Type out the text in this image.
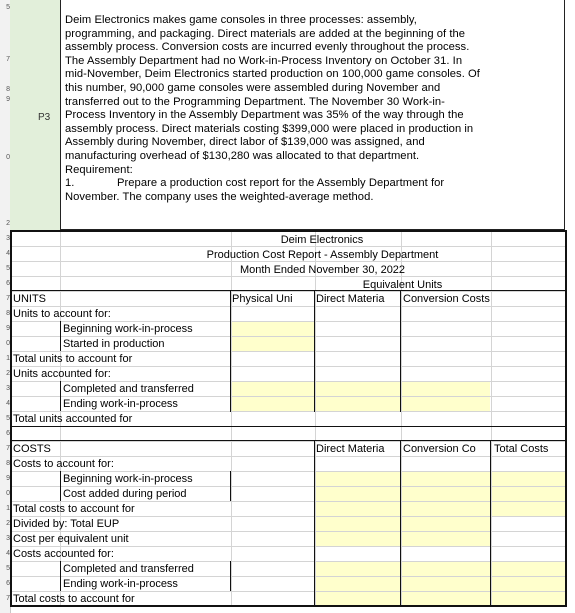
5
7
8
9
0
2
3
4
5
6
7
8
9
0
1
2
3
4
5
6
7
8
9
0
1
2
3
4
5
6
7
P3
Deim Electronics makes game consoles in three processes: assembly,
programming, and packaging. Direct materials are added at the beginning of the
assembly process. Conversion costs are incurred evenly throughout the process.
The Assembly Department had no Work-in-Process Inventory on October 31. In
mid-November, Deim Electronics started production on 100,000 game consoles. Of
this number, 90,000 game consoles were assembled during November and
transferred out to the Programming Department. The November 30 Work-in-
Process Inventory in the Assembly Department was 35% of the way through the
assembly process. Direct materials costing $399,000 were placed in production in
Assembly during November, direct labor of $139,000 was assigned, and
manufacturing overhead of $130,280 was allocated to that department.
Requirement:
1.	Prepare a production cost report for the Assembly Department for
November. The company uses the weighted-average method.
Deim Electronics
Production Cost Report - Assembly Department
Month Ended November 30, 2022
Equivalent Units
UNITS	Physical Uni	Direct Materia	Conversion Costs
Units to account for:
Beginning work-in-process
Started in production
Total units to account for
Units accounted for:
Completed and transferred
Ending work-in-process
Total units accounted for
COSTS	Direct Materia	Conversion Co	Total Costs
Costs to account for:
Beginning work-in-process
Cost added during period
Total costs to account for
Divided by: Total EUP
Cost per equivalent unit
Costs accounted for:
Completed and transferred
Ending work-in-process
Total costs to account for
